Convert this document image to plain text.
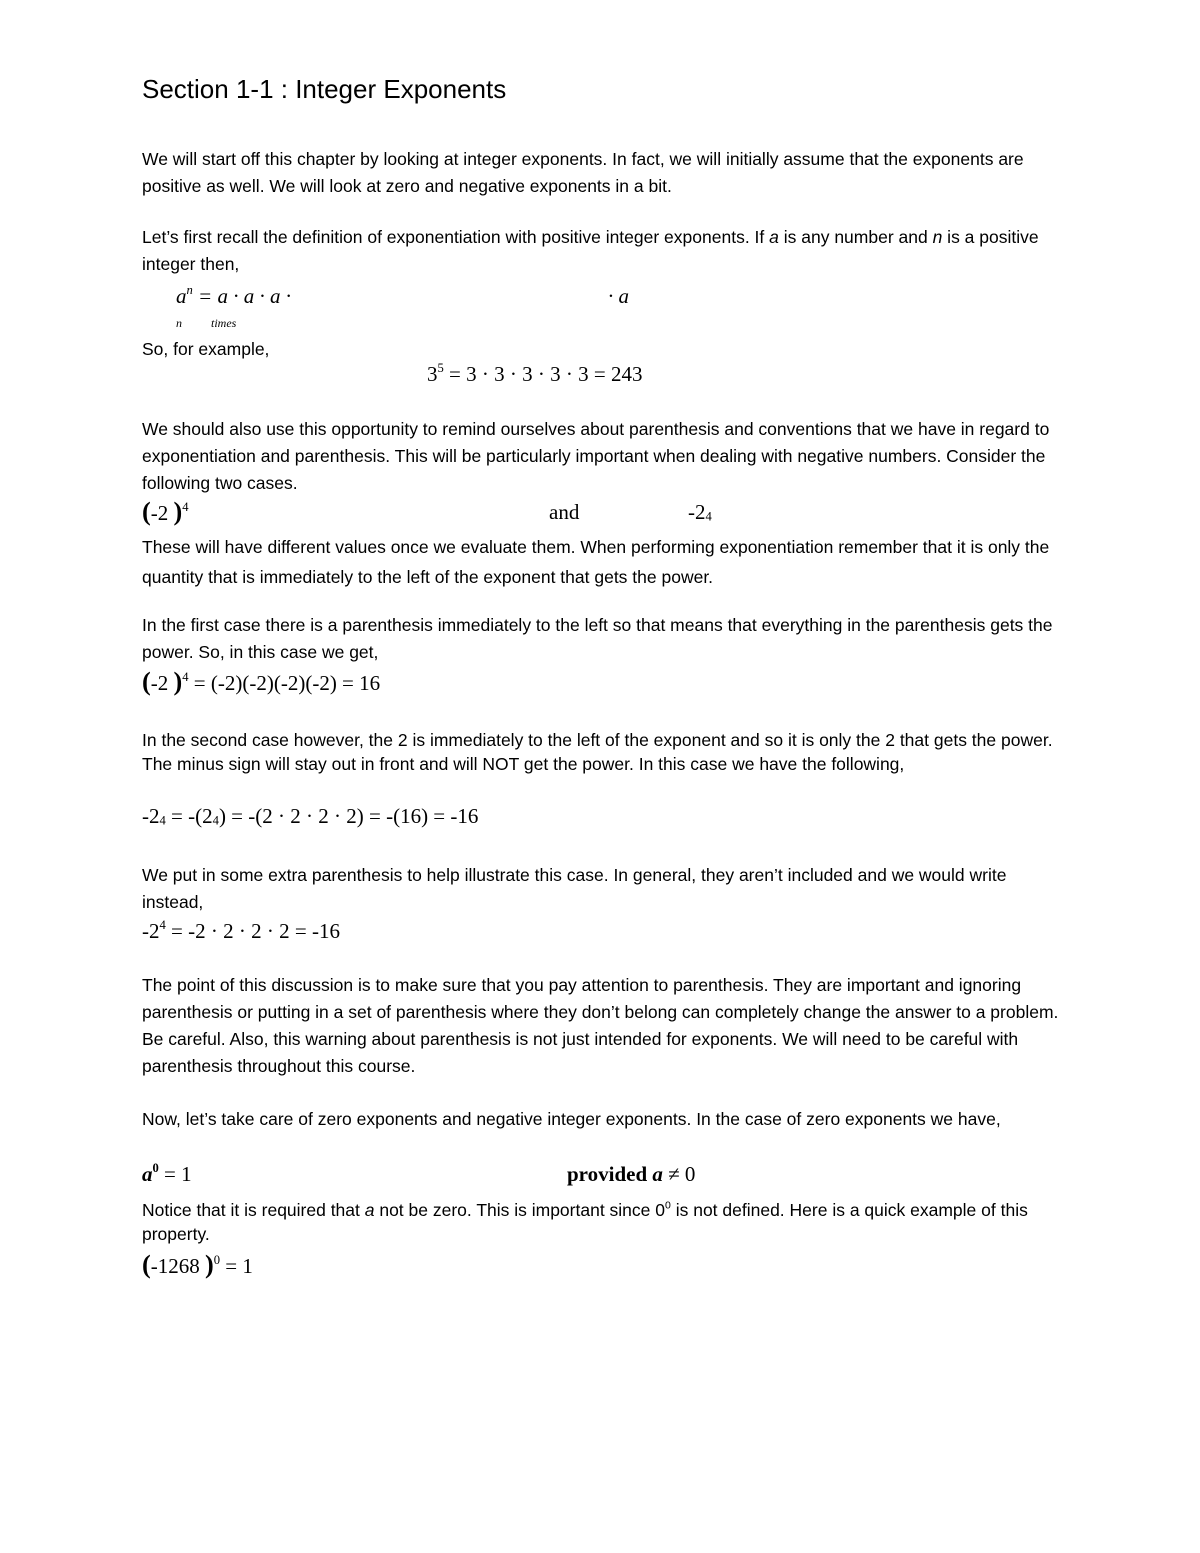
Section 1-1 : Integer Exponents
We will start off this chapter by looking at integer exponents. In fact, we will initially assume that the exponents are positive as well. We will look at zero and negative exponents in a bit.
Let’s first recall the definition of exponentiation with positive integer exponents. If a is any number and n is a positive integer then,
$a^n = a \cdot a \cdot a$ ·	· a
n times
So, for example,
$3^5 = 3 \cdot 3 \cdot 3 \cdot 3 \cdot 3 = 243$
We should also use this opportunity to remind ourselves about parenthesis and conventions that we have in regard to exponentiation and parenthesis. This will be particularly important when dealing with negative numbers. Consider the following two cases.
(-2 )$^4$	and	-24
These will have different values once we evaluate them. When performing exponentiation remember that it is only the quantity that is immediately to the left of the exponent that gets the power.
In the first case there is a parenthesis immediately to the left so that means that everything in the parenthesis gets the power. So, in this case we get,
(-2 )$^4$ = (-2)(-2)(-2)(-2) = 16
In the second case however, the 2 is immediately to the left of the exponent and so it is only the 2 that gets the power. The minus sign will stay out in front and will NOT get the power. In this case we have the following,
-24 = -(24) = -(2 · 2 · 2 · 2) = -(16) = -16
We put in some extra parenthesis to help illustrate this case. In general, they aren’t included and we would write instead,
$-2^4 = -2 \cdot 2 \cdot 2 \cdot 2 = -16$
The point of this discussion is to make sure that you pay attention to parenthesis. They are important and ignoring parenthesis or putting in a set of parenthesis where they don’t belong can completely change the answer to a problem. Be careful. Also, this warning about parenthesis is not just intended for exponents. We will need to be careful with parenthesis throughout this course.
Now, let’s take care of zero exponents and negative integer exponents. In the case of zero exponents we have,
$a^0 = 1$	provided a ≠ 0
Notice that it is required that a not be zero. This is important since $0^0$ is not defined. Here is a quick example of this property.
(-1268 )$^0$ = 1
